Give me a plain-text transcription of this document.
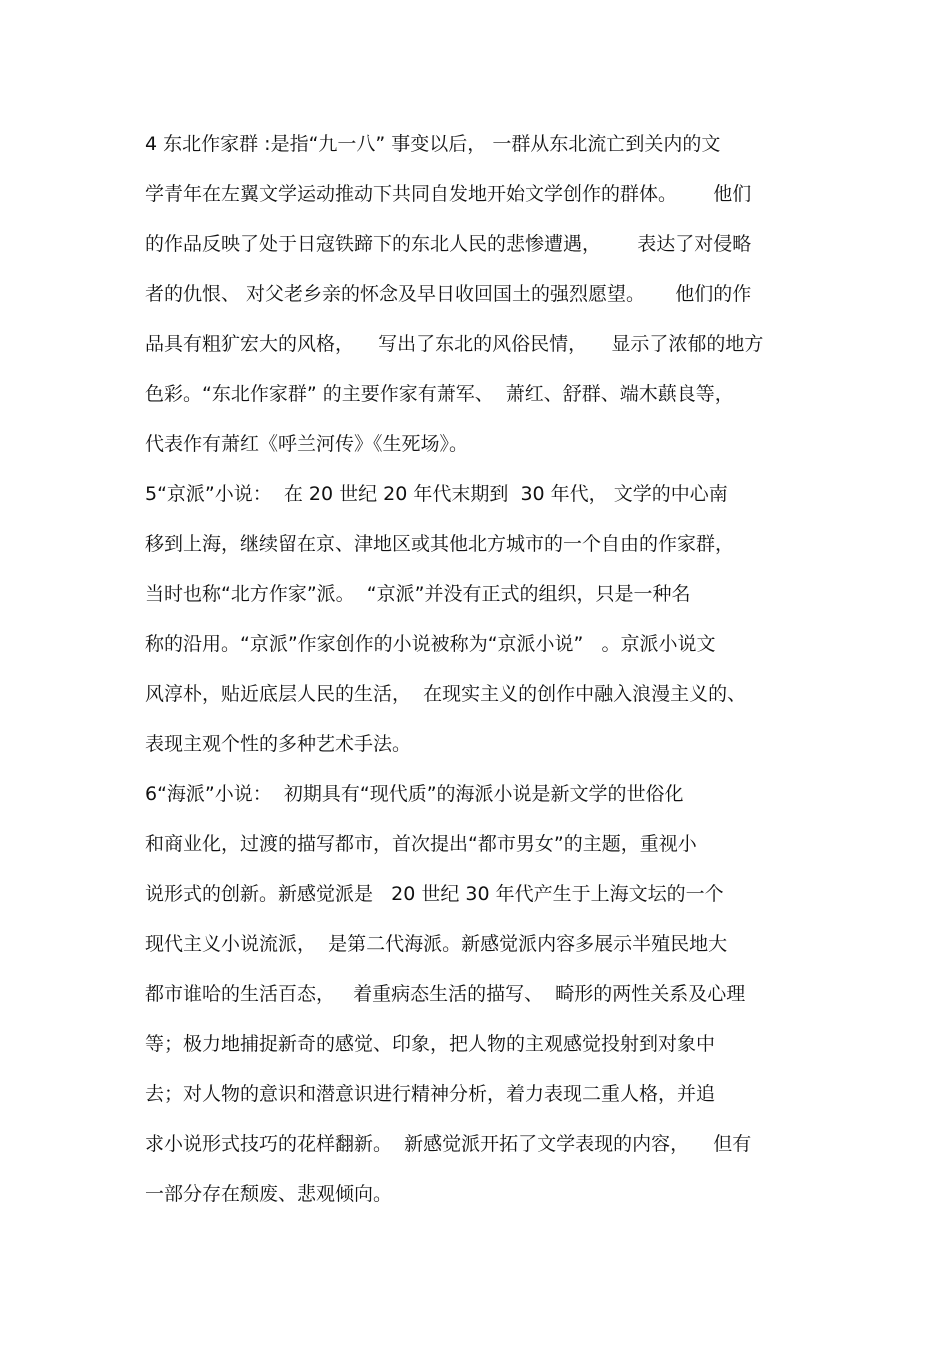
4 东北作家群 :是指“九一八” 事变以后， 一群从东北流亡到关内的文
学青年在左翼文学运动推动下共同自发地开始文学创作的群体。      他们
的作品反映了处于日寇铁蹄下的东北人民的悲惨遭遇，      表达了对侵略
者的仇恨、 对父老乡亲的怀念及早日收回国土的强烈愿望。     他们的作
品具有粗犷宏大的风格，    写出了东北的风俗民情，    显示了浓郁的地方
色彩。“东北作家群” 的主要作家有萧军、  萧红、舒群、端木蕻良等，
代表作有萧红《呼兰河传》《生死场》。
5“京派”小说：  在 20 世纪 20 年代末期到  30 年代， 文学的中心南
移到上海，继续留在京、津地区或其他北方城市的一个自由的作家群，
当时也称“北方作家”派。  “京派”并没有正式的组织，只是一种名
称的沿用。“京派”作家创作的小说被称为“京派小说”   。京派小说文
风淳朴，贴近底层人民的生活，  在现实主义的创作中融入浪漫主义的、
表现主观个性的多种艺术手法。
6“海派”小说：  初期具有“现代质”的海派小说是新文学的世俗化
和商业化，过渡的描写都市，首次提出“都市男女”的主题，重视小
说形式的创新。新感觉派是   20 世纪 30 年代产生于上海文坛的一个
现代主义小说流派，  是第二代海派。新感觉派内容多展示半殖民地大
都市谁哈的生活百态，   着重病态生活的描写、  畸形的两性关系及心理
等；极力地捕捉新奇的感觉、印象，把人物的主观感觉投射到对象中
去；对人物的意识和潜意识进行精神分析，着力表现二重人格，并追
求小说形式技巧的花样翻新。  新感觉派开拓了文学表现的内容，    但有
一部分存在颓废、悲观倾向。
